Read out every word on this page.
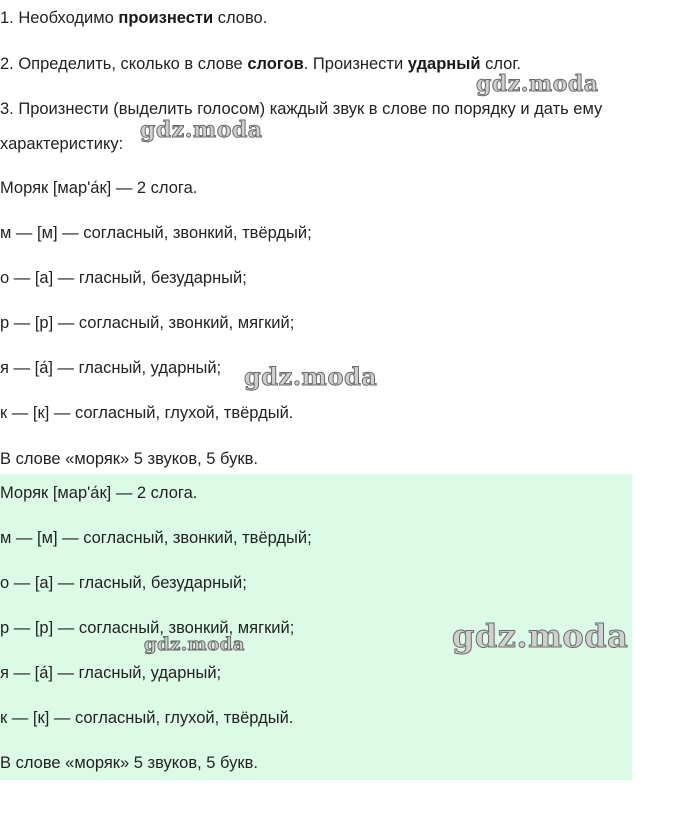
1. Необходимо произнести слово.
2. Определить, сколько в слове слогов. Произнести ударный слог.
3. Произнести (выделить голосом) каждый звук в слове по порядку и дать ему
характеристику:
Моряк [мар'а́к] — 2 слога.
м — [м] — согласный, звонкий, твёрдый;
о — [а] — гласный, безударный;
р — [р] — согласный, звонкий, мягкий;
я — [а́] — гласный, ударный;
к — [к] — согласный, глухой, твёрдый.
В слове «моряк» 5 звуков, 5 букв.
Моряк [мар'а́к] — 2 слога.
м — [м] — согласный, звонкий, твёрдый;
о — [а] — гласный, безударный;
р — [р] — согласный, звонкий, мягкий;
я — [а́] — гласный, ударный;
к — [к] — согласный, глухой, твёрдый.
В слове «моряк» 5 звуков, 5 букв.
gdz.moda
gdz.moda
gdz.moda
gdz.moda
gdz.moda
